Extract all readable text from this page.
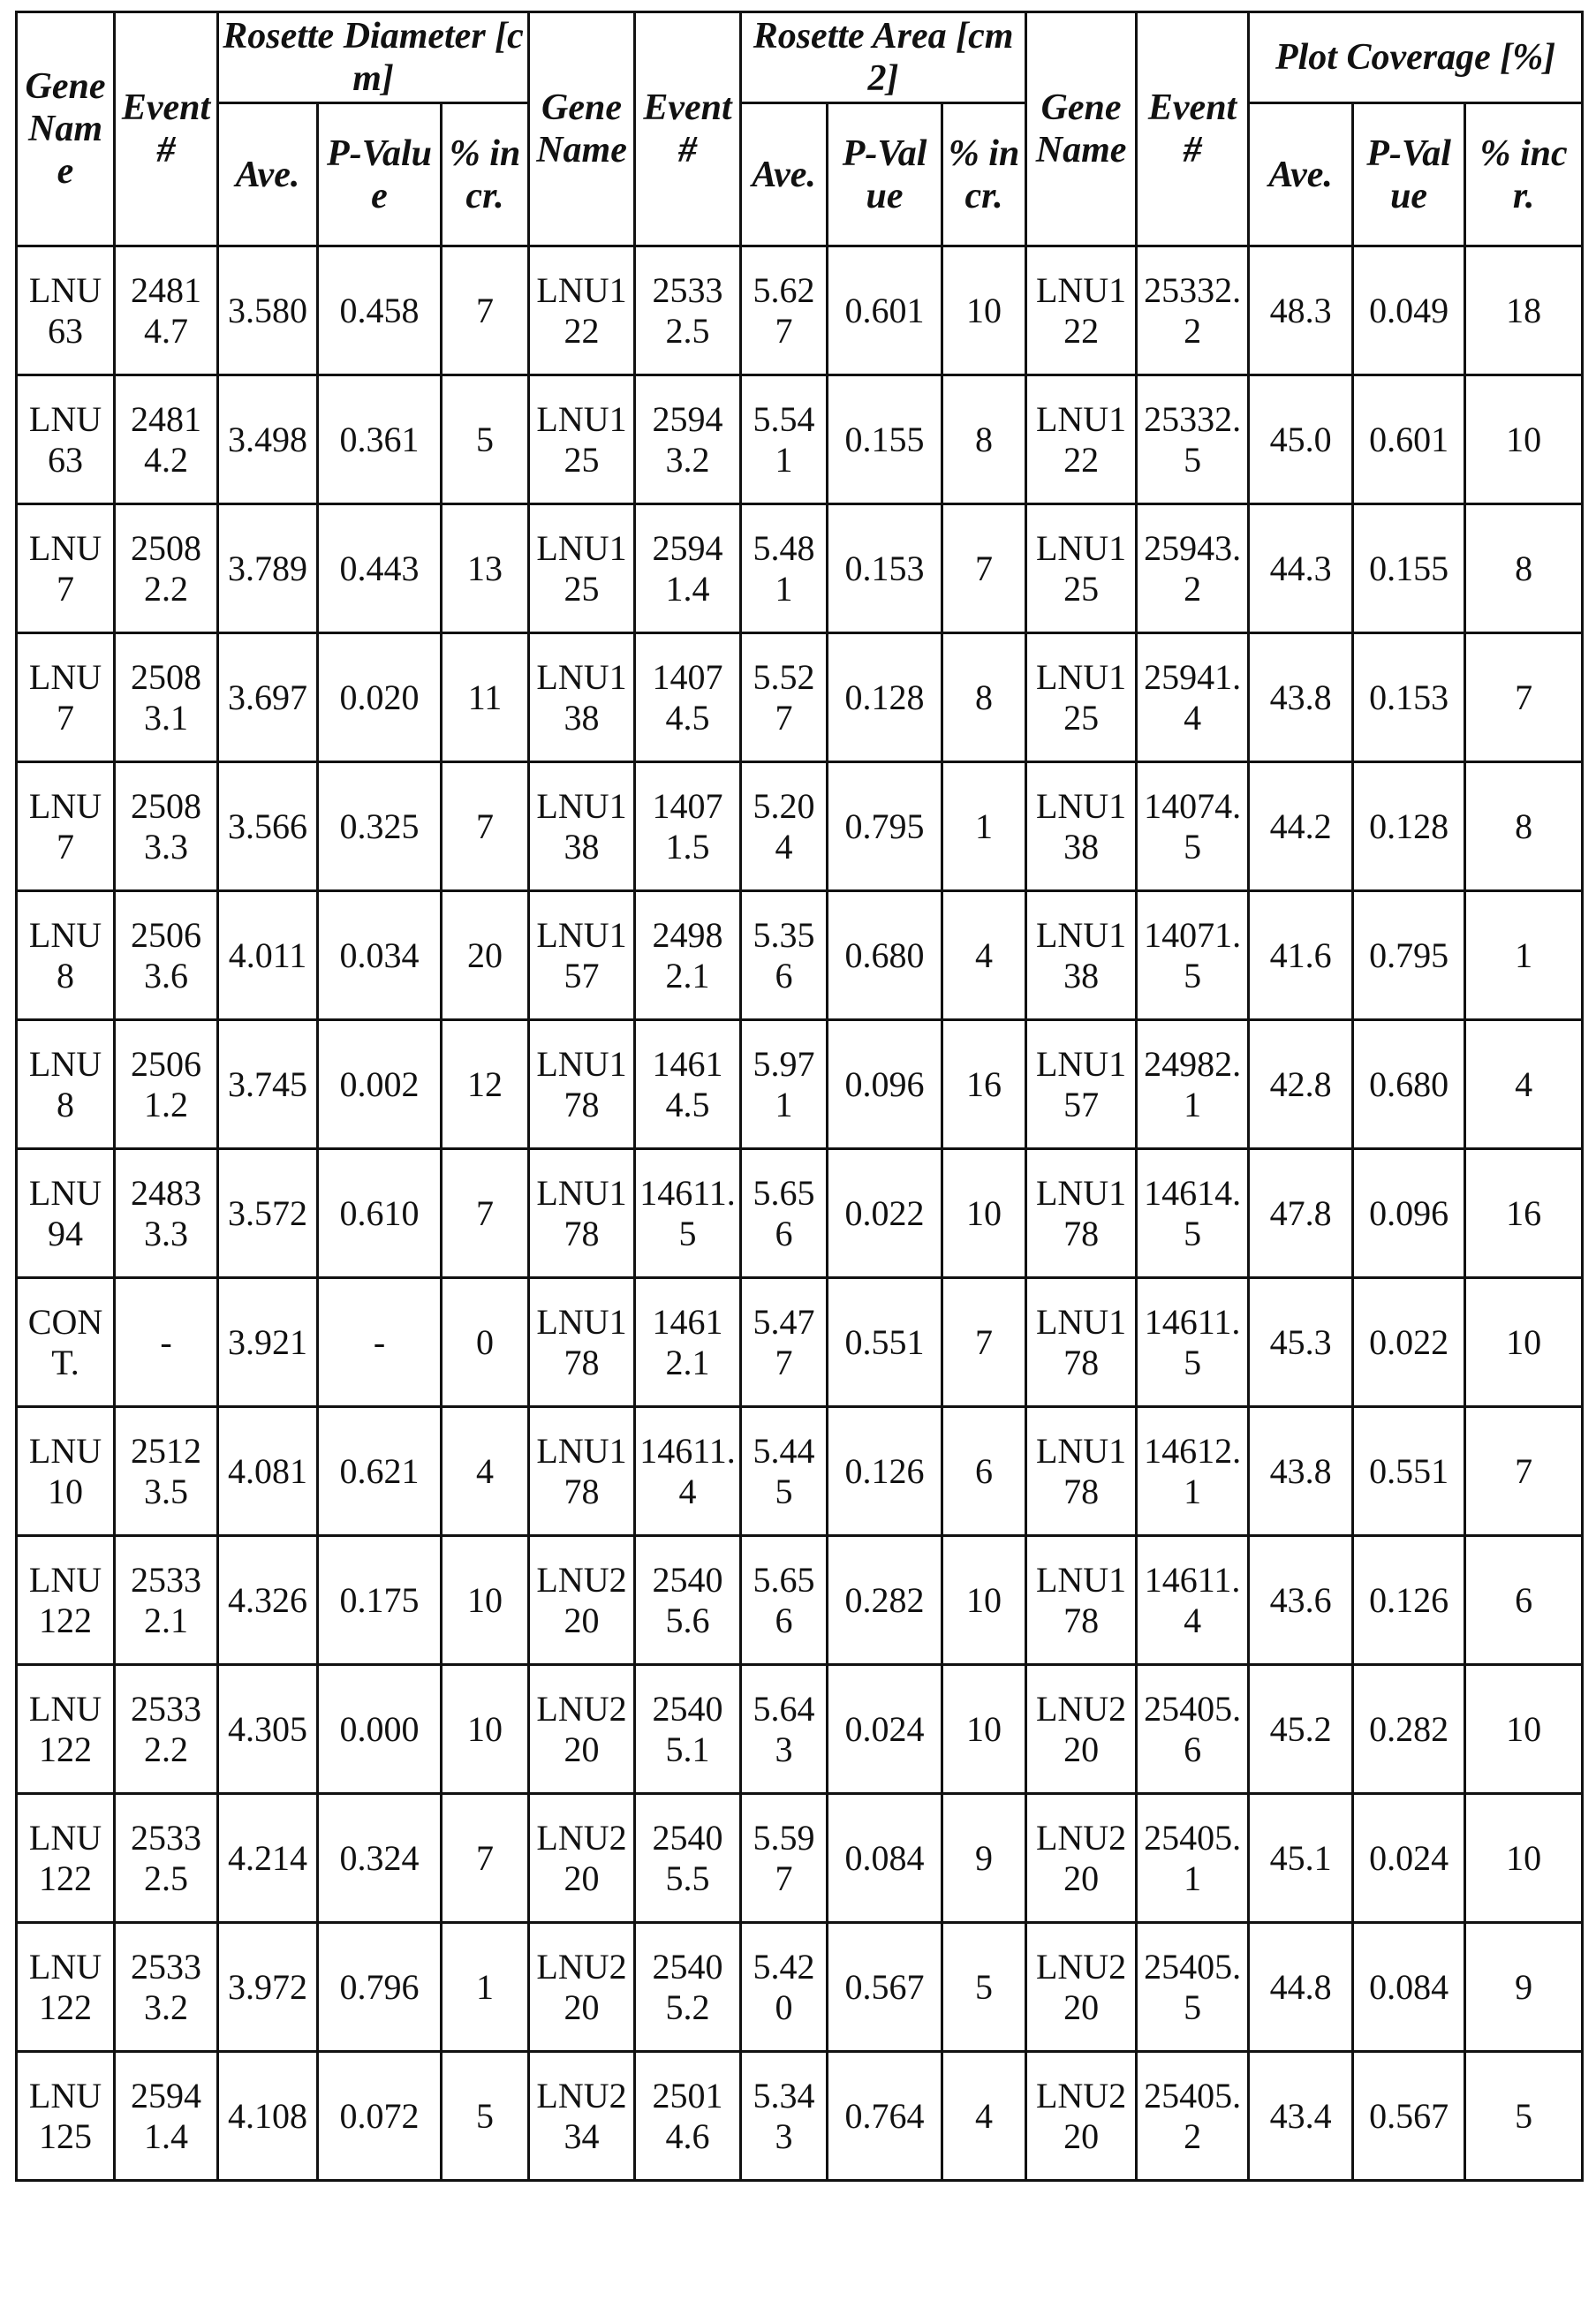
Gene Name	Event #	Rosette Diameter [cm]			Gene Name	Event #	Rosette Area [cm2]			Gene Name	Event #	Plot Coverage [%]		
		Ave.	P-Value	% incr.			Ave.	P-Value	% incr.			Ave.	P-Value	% incr.
LNU63	24814.7	3.580	0.458	7	LNU122	25332.5	5.627	0.601	10	LNU122	25332.2	48.3	0.049	18
LNU63	24814.2	3.498	0.361	5	LNU125	25943.2	5.541	0.155	8	LNU122	25332.5	45.0	0.601	10
LNU7	25082.2	3.789	0.443	13	LNU125	25941.4	5.481	0.153	7	LNU125	25943.2	44.3	0.155	8
LNU7	25083.1	3.697	0.020	11	LNU138	14074.5	5.527	0.128	8	LNU125	25941.4	43.8	0.153	7
LNU7	25083.3	3.566	0.325	7	LNU138	14071.5	5.204	0.795	1	LNU138	14074.5	44.2	0.128	8
LNU8	25063.6	4.011	0.034	20	LNU157	24982.1	5.356	0.680	4	LNU138	14071.5	41.6	0.795	1
LNU8	25061.2	3.745	0.002	12	LNU178	14614.5	5.971	0.096	16	LNU157	24982.1	42.8	0.680	4
LNU94	24833.3	3.572	0.610	7	LNU178	14611.5	5.656	0.022	10	LNU178	14614.5	47.8	0.096	16
CONT.	-	3.921	-	0	LNU178	14612.1	5.477	0.551	7	LNU178	14611.5	45.3	0.022	10
LNU10	25123.5	4.081	0.621	4	LNU178	14611.4	5.445	0.126	6	LNU178	14612.1	43.8	0.551	7
LNU122	25332.1	4.326	0.175	10	LNU220	25405.6	5.656	0.282	10	LNU178	14611.4	43.6	0.126	6
LNU122	25332.2	4.305	0.000	10	LNU220	25405.1	5.643	0.024	10	LNU220	25405.6	45.2	0.282	10
LNU122	25332.5	4.214	0.324	7	LNU220	25405.5	5.597	0.084	9	LNU220	25405.1	45.1	0.024	10
LNU122	25333.2	3.972	0.796	1	LNU220	25405.2	5.420	0.567	5	LNU220	25405.5	44.8	0.084	9
LNU125	25941.4	4.108	0.072	5	LNU234	25014.6	5.343	0.764	4	LNU220	25405.2	43.4	0.567	5
